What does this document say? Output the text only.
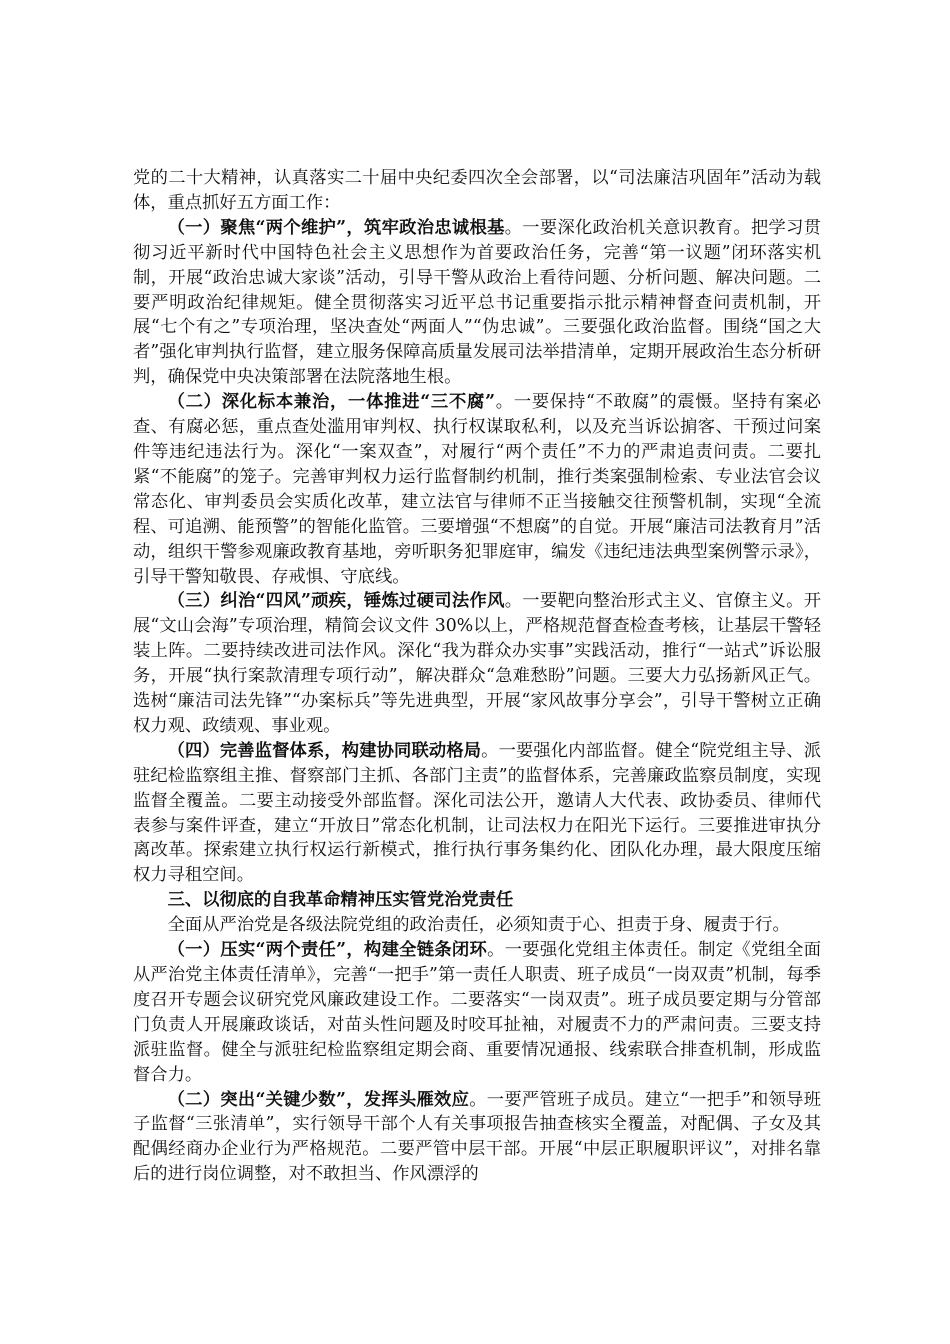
党的二十大精神，认真落实二十届中央纪委四次全会部署，以“司法廉洁巩固年”活动为载体，重点抓好五方面工作：

（一）聚焦“两个维护”，筑牢政治忠诚根基。一要深化政治机关意识教育。把学习贯彻习近平新时代中国特色社会主义思想作为首要政治任务，完善“第一议题”闭环落实机制，开展“政治忠诚大家谈”活动，引导干警从政治上看待问题、分析问题、解决问题。二要严明政治纪律规矩。健全贯彻落实习近平总书记重要指示批示精神督查问责机制，开展“七个有之”专项治理，坚决查处“两面人”“伪忠诚”。三要强化政治监督。围绕“国之大者”强化审判执行监督，建立服务保障高质量发展司法举措清单，定期开展政治生态分析研判，确保党中央决策部署在法院落地生根。

（二）深化标本兼治，一体推进“三不腐”。一要保持“不敢腐”的震慑。坚持有案必查、有腐必惩，重点查处滥用审判权、执行权谋取私利，以及充当诉讼掮客、干预过问案件等违纪违法行为。深化“一案双查”，对履行“两个责任”不力的严肃追责问责。二要扎紧“不能腐”的笼子。完善审判权力运行监督制约机制，推行类案强制检索、专业法官会议常态化、审判委员会实质化改革，建立法官与律师不正当接触交往预警机制，实现“全流程、可追溯、能预警”的智能化监管。三要增强“不想腐”的自觉。开展“廉洁司法教育月”活动，组织干警参观廉政教育基地，旁听职务犯罪庭审，编发《违纪违法典型案例警示录》，引导干警知敬畏、存戒惧、守底线。

（三）纠治“四风”顽疾，锤炼过硬司法作风。一要靶向整治形式主义、官僚主义。开展“文山会海”专项治理，精简会议文件 30%以上，严格规范督查检查考核，让基层干警轻装上阵。二要持续改进司法作风。深化“我为群众办实事”实践活动，推行“一站式”诉讼服务，开展“执行案款清理专项行动”，解决群众“急难愁盼”问题。三要大力弘扬新风正气。选树“廉洁司法先锋”“办案标兵”等先进典型，开展“家风故事分享会”，引导干警树立正确权力观、政绩观、事业观。

（四）完善监督体系，构建协同联动格局。一要强化内部监督。健全“院党组主导、派驻纪检监察组主推、督察部门主抓、各部门主责”的监督体系，完善廉政监察员制度，实现监督全覆盖。二要主动接受外部监督。深化司法公开，邀请人大代表、政协委员、律师代表参与案件评查，建立“开放日”常态化机制，让司法权力在阳光下运行。三要推进审执分离改革。探索建立执行权运行新模式，推行执行事务集约化、团队化办理，最大限度压缩权力寻租空间。

三、以彻底的自我革命精神压实管党治党责任

全面从严治党是各级法院党组的政治责任，必须知责于心、担责于身、履责于行。

（一）压实“两个责任”，构建全链条闭环。一要强化党组主体责任。制定《党组全面从严治党主体责任清单》，完善“一把手”第一责任人职责、班子成员“一岗双责”机制，每季度召开专题会议研究党风廉政建设工作。二要落实“一岗双责”。班子成员要定期与分管部门负责人开展廉政谈话，对苗头性问题及时咬耳扯袖，对履责不力的严肃问责。三要支持派驻监督。健全与派驻纪检监察组定期会商、重要情况通报、线索联合排查机制，形成监督合力。

（二）突出“关键少数”，发挥头雁效应。一要严管班子成员。建立“一把手”和领导班子监督“三张清单”，实行领导干部个人有关事项报告抽查核实全覆盖，对配偶、子女及其配偶经商办企业行为严格规范。二要严管中层干部。开展“中层正职履职评议”，对排名靠后的进行岗位调整，对不敢担当、作风漂浮的
